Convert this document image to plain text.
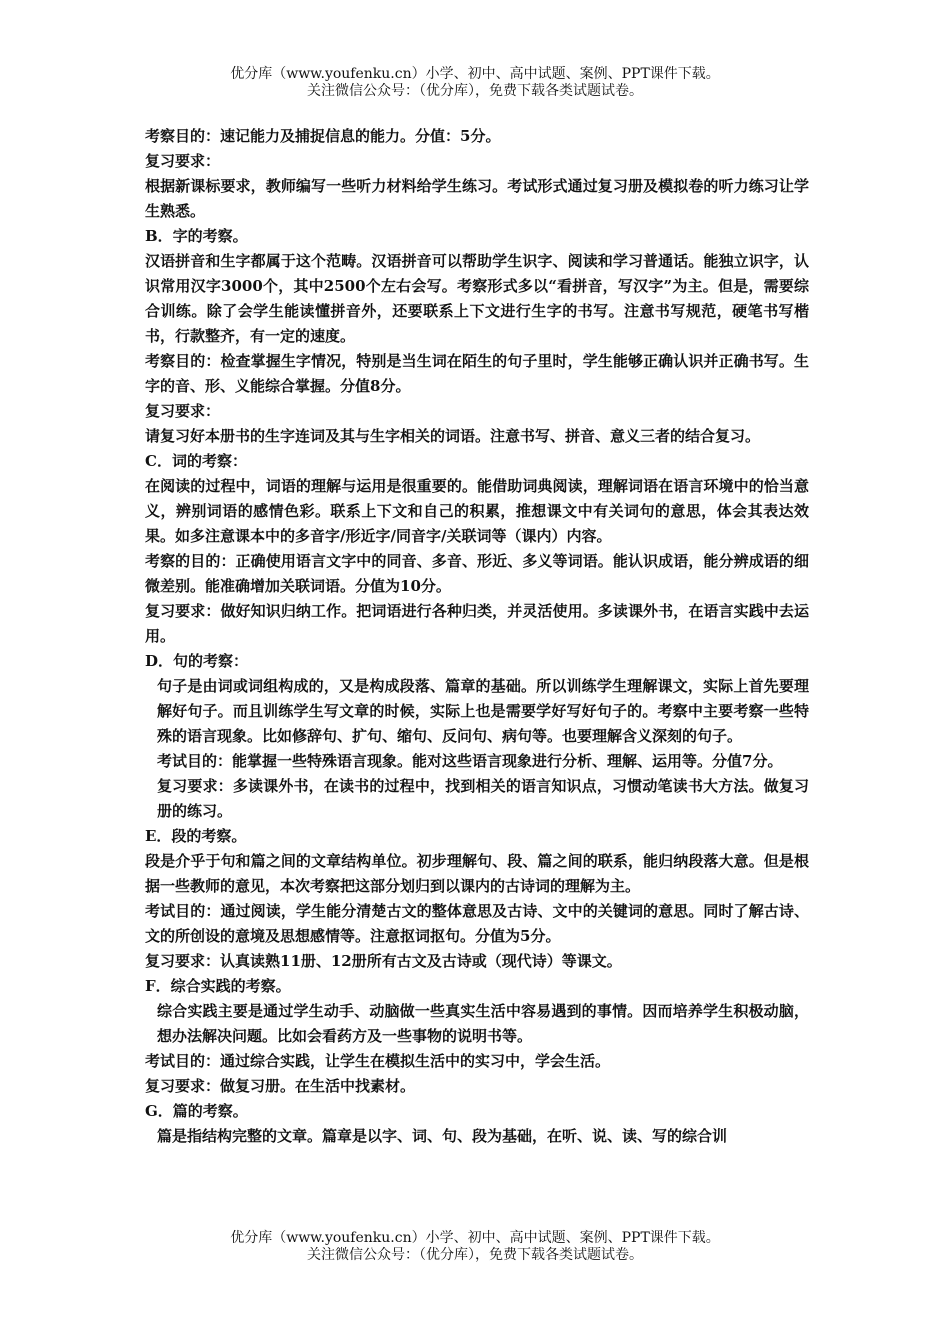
优分库（www.youfenku.cn）小学、初中、高中试题、案例、PPT课件下载。
关注微信公众号：（优分库），免费下载各类试题试卷。

考察目的：速记能力及捕捉信息的能力。分值：5分。

复习要求：

根据新课标要求，教师编写一些听力材料给学生练习。考试形式通过复习册及模拟卷的听力练习让学生熟悉。

B．字的考察。

汉语拼音和生字都属于这个范畴。汉语拼音可以帮助学生识字、阅读和学习普通话。能独立识字，认识常用汉字3000个，其中2500个左右会写。考察形式多以“看拼音，写汉字”为主。但是，需要综合训练。除了会学生能读懂拼音外，还要联系上下文进行生字的书写。注意书写规范，硬笔书写楷书，行款整齐，有一定的速度。

考察目的：检查掌握生字情况，特别是当生词在陌生的句子里时，学生能够正确认识并正确书写。生字的音、形、义能综合掌握。分值8分。

复习要求：

请复习好本册书的生字连词及其与生字相关的词语。注意书写、拼音、意义三者的结合复习。

C．词的考察：

在阅读的过程中，词语的理解与运用是很重要的。能借助词典阅读，理解词语在语言环境中的恰当意义，辨别词语的感情色彩。联系上下文和自己的积累，推想课文中有关词句的意思，体会其表达效果。如多注意课本中的多音字/形近字/同音字/关联词等（课内）内容。

考察的目的：正确使用语言文字中的同音、多音、形近、多义等词语。能认识成语，能分辨成语的细微差别。能准确增加关联词语。分值为10分。

复习要求：做好知识归纳工作。把词语进行各种归类，并灵活使用。多读课外书，在语言实践中去运用。

D．句的考察：

句子是由词或词组构成的，又是构成段落、篇章的基础。所以训练学生理解课文，实际上首先要理解好句子。而且训练学生写文章的时候，实际上也是需要学好写好句子的。考察中主要考察一些特殊的语言现象。比如修辞句、扩句、缩句、反问句、病句等。也要理解含义深刻的句子。

考试目的：能掌握一些特殊语言现象。能对这些语言现象进行分析、理解、运用等。分值7分。

复习要求：多读课外书，在读书的过程中，找到相关的语言知识点，习惯动笔读书大方法。做复习册的练习。

E．段的考察。

段是介乎于句和篇之间的文章结构单位。初步理解句、段、篇之间的联系，能归纳段落大意。但是根据一些教师的意见，本次考察把这部分划归到以课内的古诗词的理解为主。

考试目的：通过阅读，学生能分清楚古文的整体意思及古诗、文中的关键词的意思。同时了解古诗、文的所创设的意境及思想感情等。注意抠词抠句。分值为5分。

复习要求：认真读熟11册、12册所有古文及古诗或（现代诗）等课文。

F．综合实践的考察。

综合实践主要是通过学生动手、动脑做一些真实生活中容易遇到的事情。因而培养学生积极动脑，想办法解决问题。比如会看药方及一些事物的说明书等。

考试目的：通过综合实践，让学生在模拟生活中的实习中，学会生活。

复习要求：做复习册。在生活中找素材。

G．篇的考察。

篇是指结构完整的文章。篇章是以字、词、句、段为基础，在听、说、读、写的综合训

优分库（www.youfenku.cn）小学、初中、高中试题、案例、PPT课件下载。
关注微信公众号：（优分库），免费下载各类试题试卷。
